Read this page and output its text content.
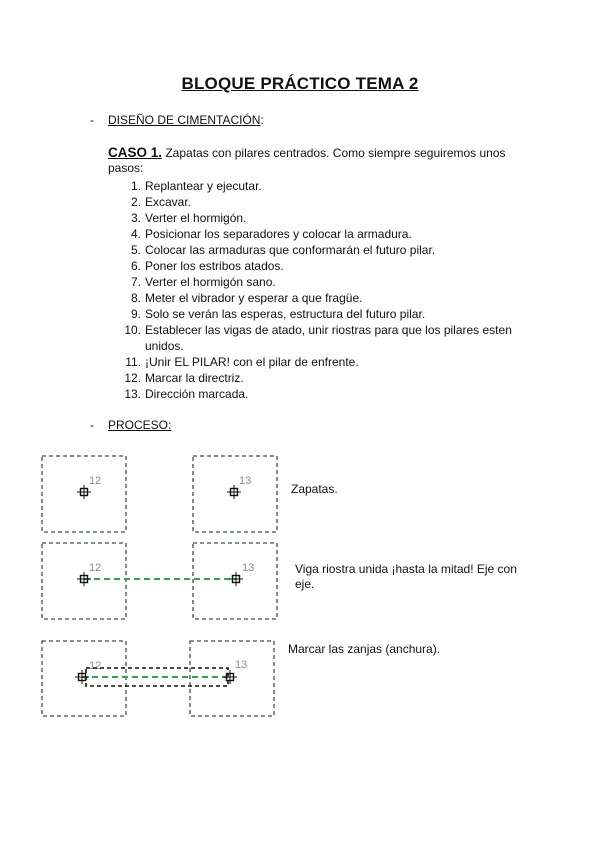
BLOQUE PRÁCTICO TEMA 2
- DISEÑO DE CIMENTACIÓN:
CASO 1. Zapatas con pilares centrados. Como siempre seguiremos unos pasos:
1. Replantear y ejecutar.
2. Excavar.
3. Verter el hormigón.
4. Posicionar los separadores y colocar la armadura.
5. Colocar las armaduras que conformarán el futuro pilar.
6. Poner los estribos atados.
7. Verter el hormigón sano.
8. Meter el vibrador y esperar a que fragüe.
9. Solo se verán las esperas, estructura del futuro pilar.
10. Establecer las vigas de atado, unir riostras para que los pilares esten unidos.
11. ¡Unir EL PILAR! con el pilar de enfrente.
12. Marcar la directriz.
13. Dirección marcada.
- PROCESO:
12	13
12	13
12	13
Zapatas.
Viga riostra unida ¡hasta la mitad! Eje con eje.
Marcar las zanjas (anchura).
